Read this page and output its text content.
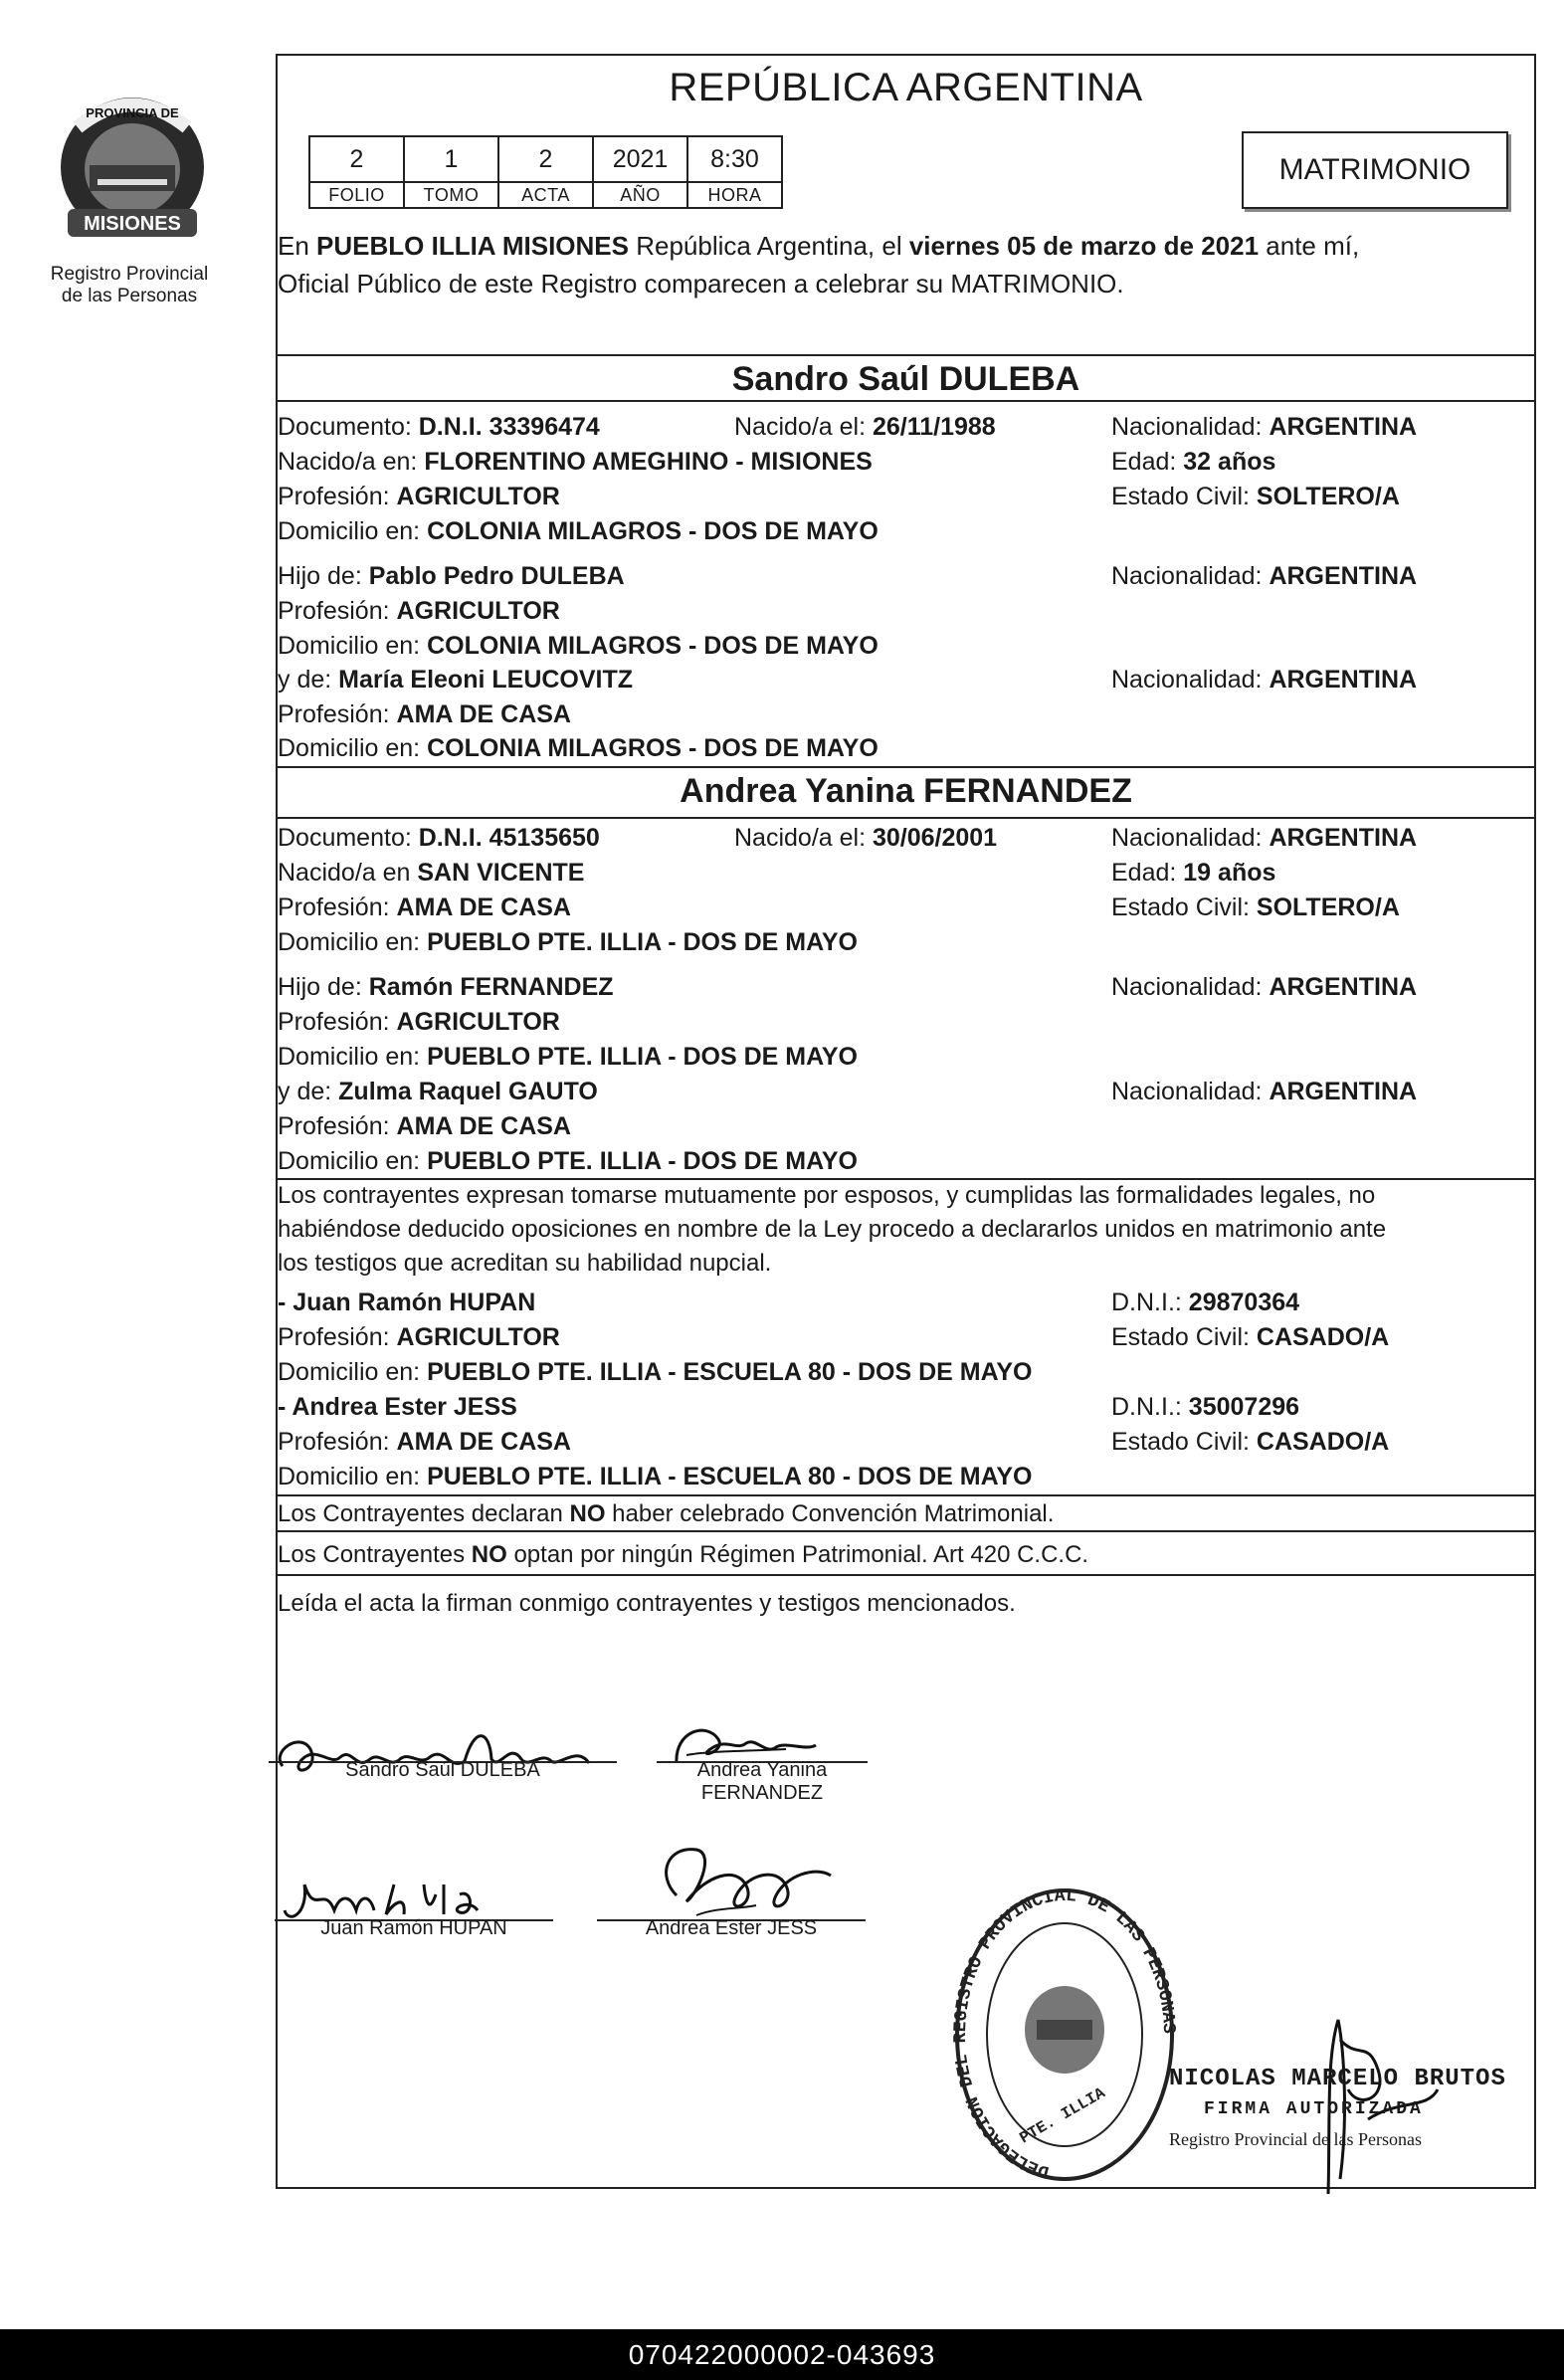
PROVINCIA DE
MISIONES
Registro Provincial
de las Personas
REPÚBLICA ARGENTINA
2	1	2	2021	8:30
FOLIO	TOMO	ACTA	AÑO	HORA
MATRIMONIO
En PUEBLO ILLIA MISIONES República Argentina, el viernes 05 de marzo de 2021 ante mí,
Oficial Público de este Registro comparecen a celebrar su MATRIMONIO.
Sandro Saúl DULEBA
Documento: D.N.I. 33396474	Nacido/a el: 26/11/1988	Nacionalidad: ARGENTINA
Nacido/a en: FLORENTINO AMEGHINO - MISIONES	Edad: 32 años
Profesión: AGRICULTOR	Estado Civil: SOLTERO/A
Domicilio en: COLONIA MILAGROS - DOS DE MAYO
Hijo de: Pablo Pedro DULEBA	Nacionalidad: ARGENTINA
Profesión: AGRICULTOR
Domicilio en: COLONIA MILAGROS - DOS DE MAYO
y de: María Eleoni LEUCOVITZ	Nacionalidad: ARGENTINA
Profesión: AMA DE CASA
Domicilio en: COLONIA MILAGROS - DOS DE MAYO
Andrea Yanina FERNANDEZ
Documento: D.N.I. 45135650	Nacido/a el: 30/06/2001	Nacionalidad: ARGENTINA
Nacido/a en SAN VICENTE	Edad: 19 años
Profesión: AMA DE CASA	Estado Civil: SOLTERO/A
Domicilio en: PUEBLO PTE. ILLIA - DOS DE MAYO
Hijo de: Ramón FERNANDEZ	Nacionalidad: ARGENTINA
Profesión: AGRICULTOR
Domicilio en: PUEBLO PTE. ILLIA - DOS DE MAYO
y de: Zulma Raquel GAUTO	Nacionalidad: ARGENTINA
Profesión: AMA DE CASA
Domicilio en: PUEBLO PTE. ILLIA - DOS DE MAYO
Los contrayentes expresan tomarse mutuamente por esposos, y cumplidas las formalidades legales, no
habiéndose deducido oposiciones en nombre de la Ley procedo a declararlos unidos en matrimonio ante
los testigos que acreditan su habilidad nupcial.
- Juan Ramón HUPAN	D.N.I.: 29870364
Profesión: AGRICULTOR	Estado Civil: CASADO/A
Domicilio en: PUEBLO PTE. ILLIA - ESCUELA 80 - DOS DE MAYO
- Andrea Ester JESS	D.N.I.: 35007296
Profesión: AMA DE CASA	Estado Civil: CASADO/A
Domicilio en: PUEBLO PTE. ILLIA - ESCUELA 80 - DOS DE MAYO
Los Contrayentes declaran NO haber celebrado Convención Matrimonial.
Los Contrayentes NO optan por ningún Régimen Patrimonial. Art 420 C.C.C.
Leída el acta la firman conmigo contrayentes y testigos mencionados.
Sandro Saúl DULEBA	Andrea Yanina
FERNANDEZ
Juan Ramón HUPAN	Andrea Ester JESS
DELEGACION DEL REGISTRO PROVINCIAL DE LAS PERSONAS
PTE. ILLIA
NICOLAS MARCELO BRUTOS
FIRMA AUTORIZADA
Registro Provincial de las Personas
070422000002-043693
